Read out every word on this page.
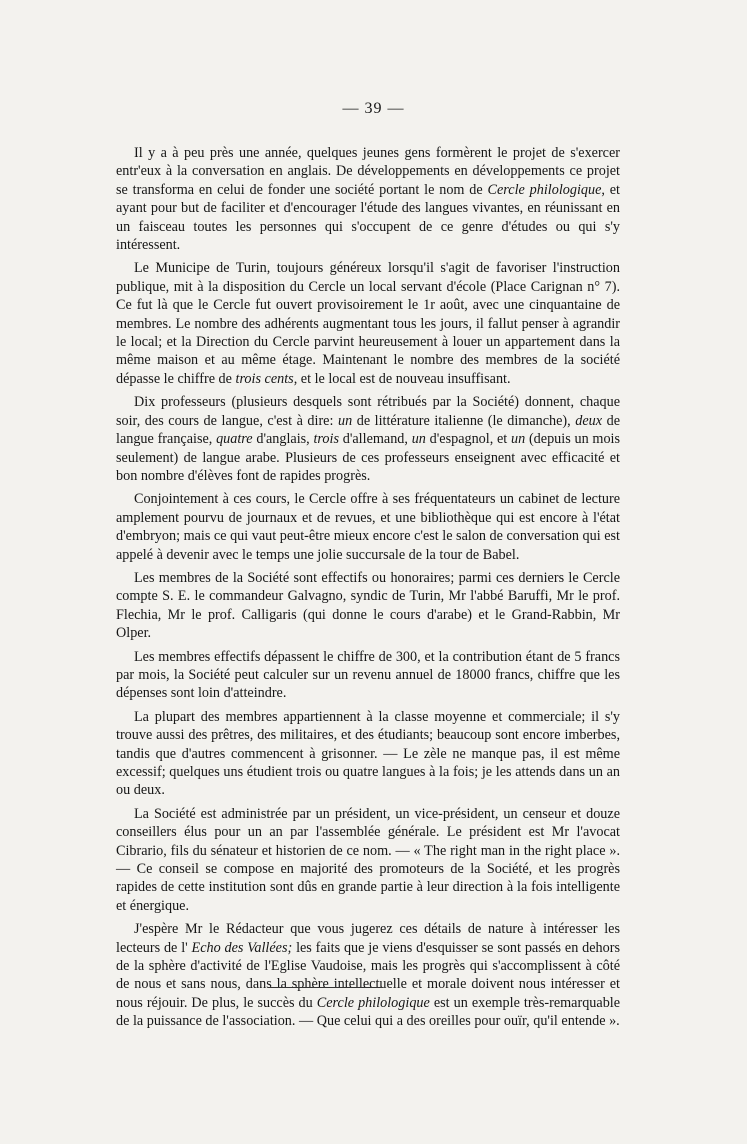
— 39 —

Il y a à peu près une année, quelques jeunes gens formèrent le projet de s'exercer entr'eux à la conversation en anglais. De développements en développements ce projet se transforma en celui de fonder une société portant le nom de Cercle philologique, et ayant pour but de faciliter et d'encourager l'étude des langues vivantes, en réunissant en un faisceau toutes les personnes qui s'occupent de ce genre d'études ou qui s'y intéressent.

Le Municipe de Turin, toujours généreux lorsqu'il s'agit de favoriser l'instruction publique, mit à la disposition du Cercle un local servant d'école (Place Carignan n° 7). Ce fut là que le Cercle fut ouvert provisoirement le 1r août, avec une cinquantaine de membres. Le nombre des adhérents augmentant tous les jours, il fallut penser à agrandir le local; et la Direction du Cercle parvint heureusement à louer un appartement dans la même maison et au même étage. Maintenant le nombre des membres de la société dépasse le chiffre de trois cents, et le local est de nouveau insuffisant.

Dix professeurs (plusieurs desquels sont rétribués par la Société) donnent, chaque soir, des cours de langue, c'est à dire: un de littérature italienne (le dimanche), deux de langue française, quatre d'anglais, trois d'allemand, un d'espagnol, et un (depuis un mois seulement) de langue arabe. Plusieurs de ces professeurs enseignent avec efficacité et bon nombre d'élèves font de rapides progrès.

Conjointement à ces cours, le Cercle offre à ses fréquentateurs un cabinet de lecture amplement pourvu de journaux et de revues, et une bibliothèque qui est encore à l'état d'embryon; mais ce qui vaut peut-être mieux encore c'est le salon de conversation qui est appelé à devenir avec le temps une jolie succursale de la tour de Babel.

Les membres de la Société sont effectifs ou honoraires; parmi ces derniers le Cercle compte S. E. le commandeur Galvagno, syndic de Turin, Mr l'abbé Baruffi, Mr le prof. Flechia, Mr le prof. Calligaris (qui donne le cours d'arabe) et le Grand-Rabbin, Mr Olper.

Les membres effectifs dépassent le chiffre de 300, et la contribution étant de 5 francs par mois, la Société peut calculer sur un revenu annuel de 18000 francs, chiffre que les dépenses sont loin d'atteindre.

La plupart des membres appartiennent à la classe moyenne et commerciale; il s'y trouve aussi des prêtres, des militaires, et des étudiants; beaucoup sont encore imberbes, tandis que d'autres commencent à grisonner. — Le zèle ne manque pas, il est même excessif; quelques uns étudient trois ou quatre langues à la fois; je les attends dans un an ou deux.

La Société est administrée par un président, un vice-président, un censeur et douze conseillers élus pour un an par l'assemblée générale. Le président est Mr l'avocat Cibrario, fils du sénateur et historien de ce nom. — « The right man in the right place ». — Ce conseil se compose en majorité des promoteurs de la Société, et les progrès rapides de cette institution sont dûs en grande partie à leur direction à la fois intelligente et énergique.

J'espère Mr le Rédacteur que vous jugerez ces détails de nature à intéresser les lecteurs de l' Echo des Vallées; les faits que je viens d'esquisser se sont passés en dehors de la sphère d'activité de l'Eglise Vaudoise, mais les progrès qui s'accomplissent à côté de nous et sans nous, dans la sphère intellectuelle et morale doivent nous intéresser et nous réjouir. De plus, le succès du Cercle philologique est un exemple très-remarquable de la puissance de l'association. — Que celui qui a des oreilles pour ouïr, qu'il entende ».
